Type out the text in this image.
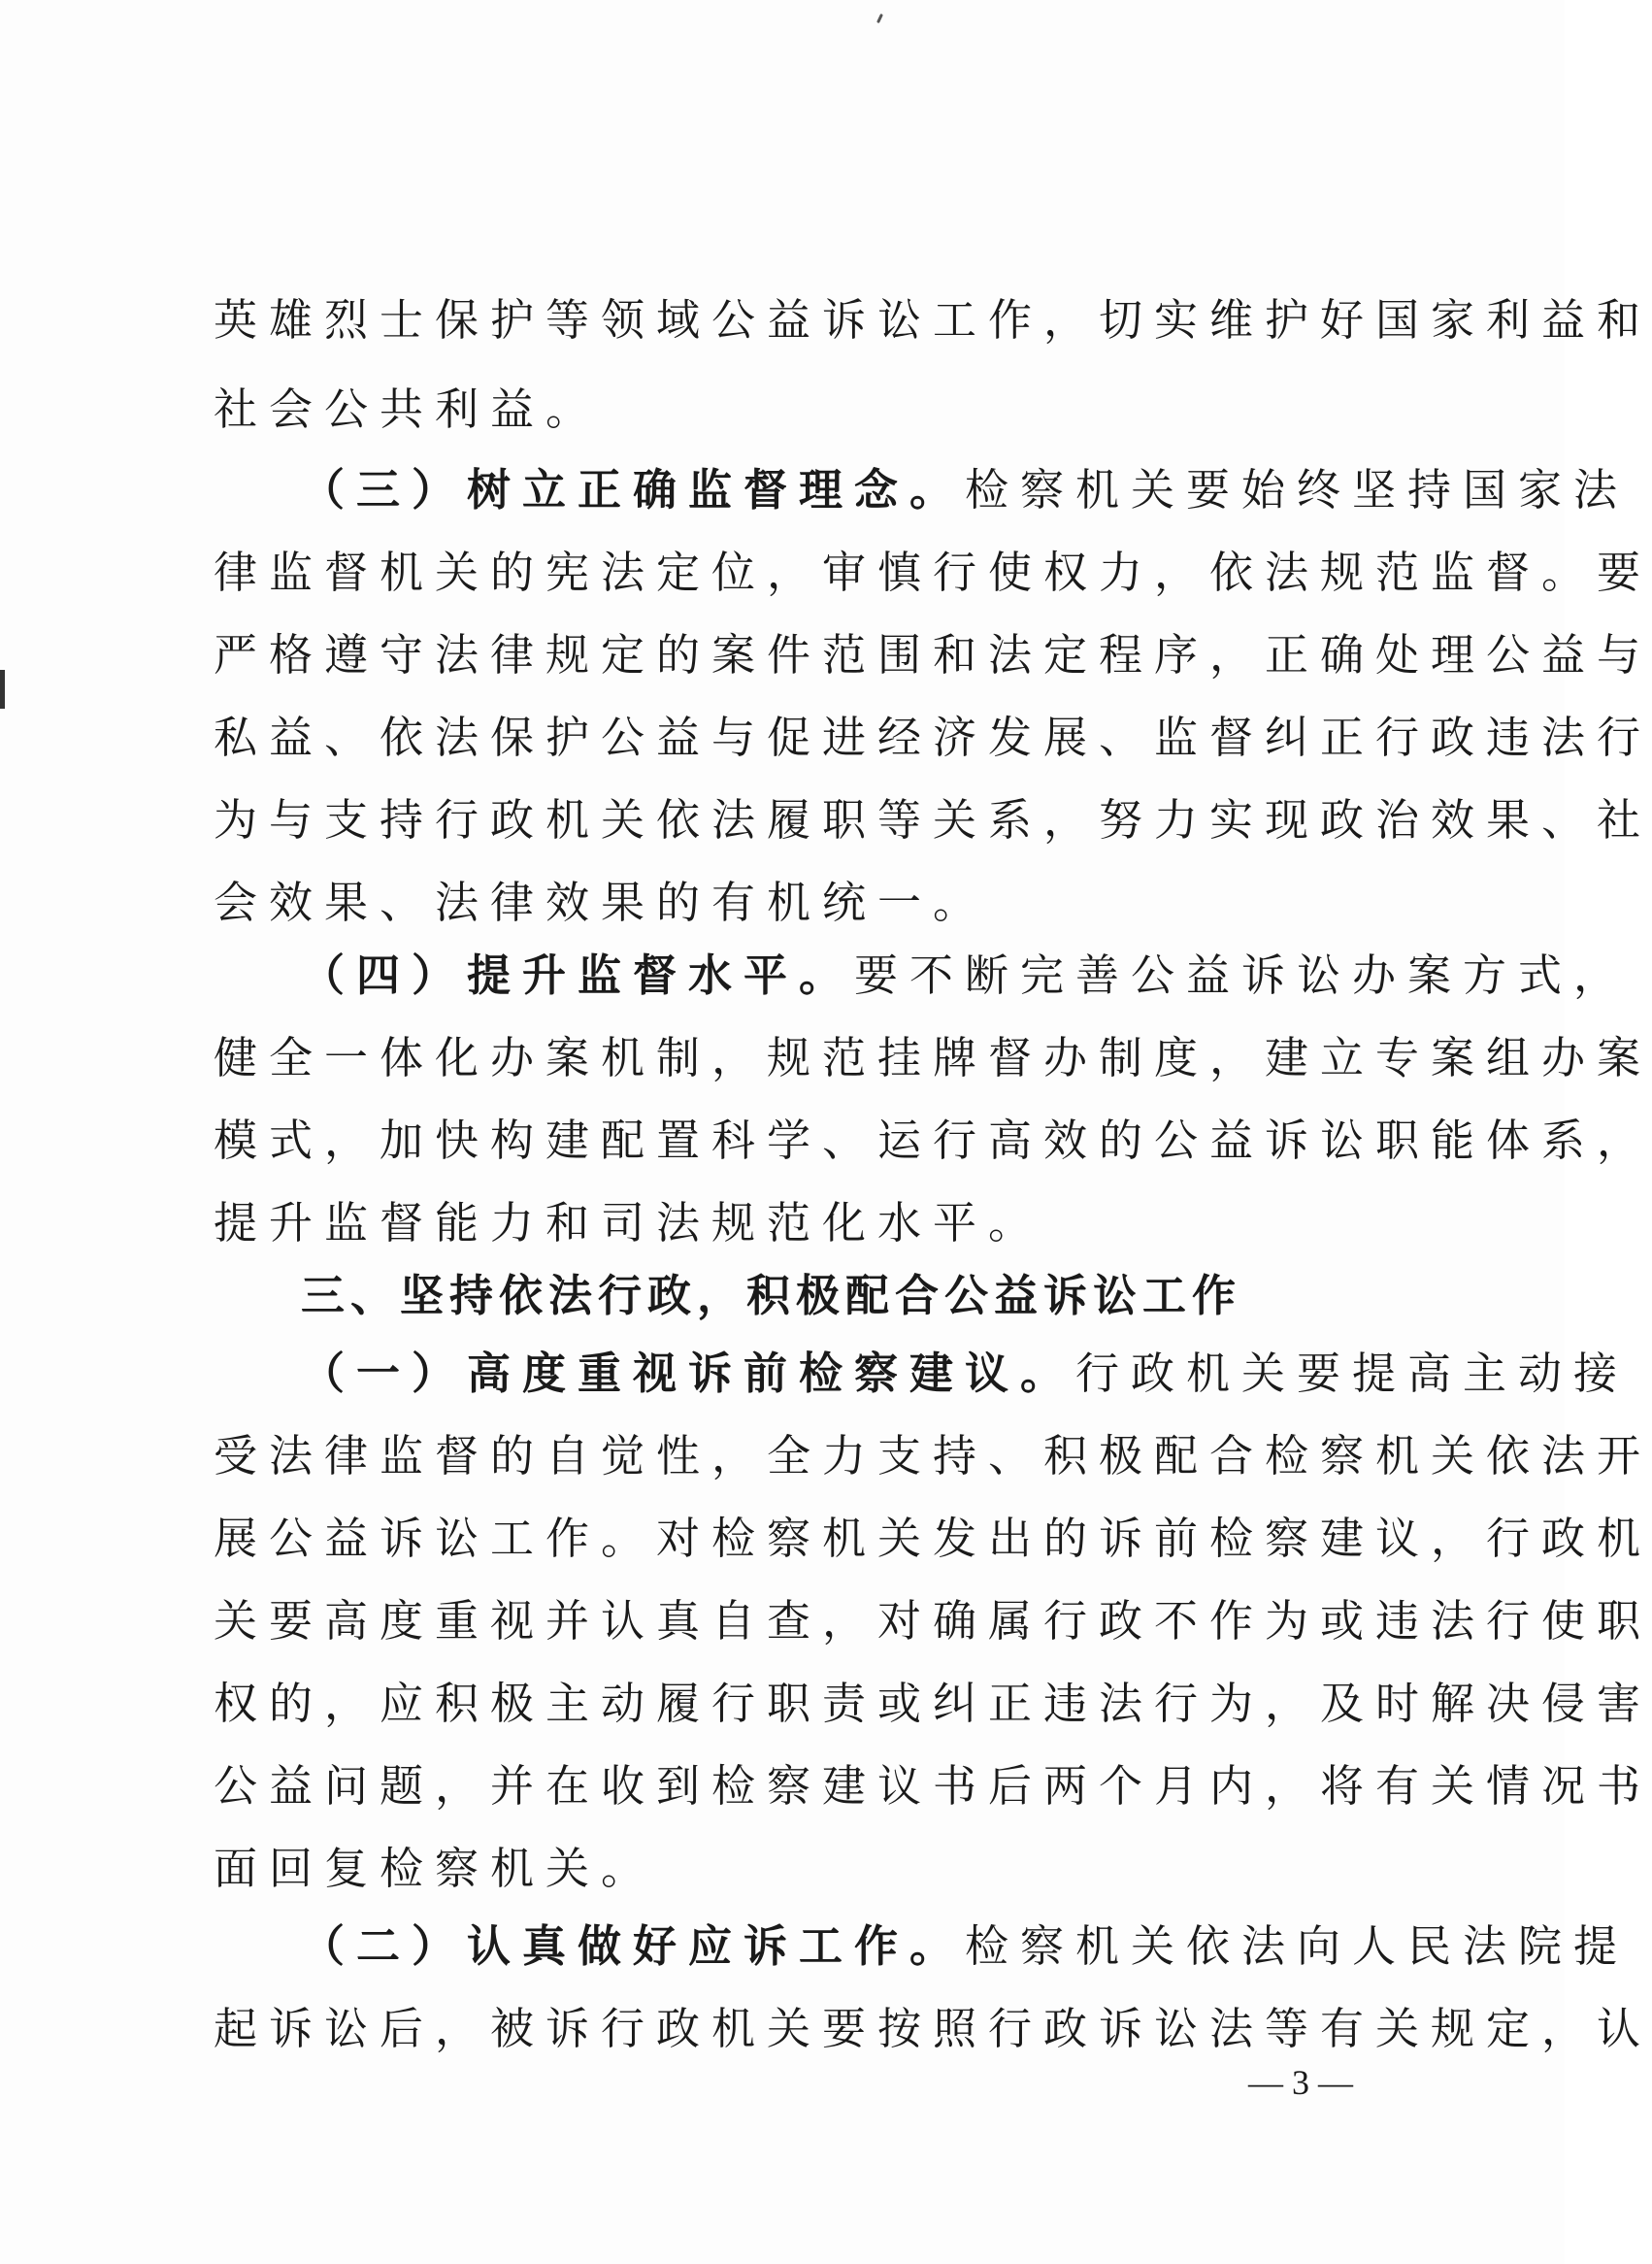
英雄烈士保护等领域公益诉讼工作，切实维护好国家利益和
社会公共利益。
（三）树立正确监督理念。检察机关要始终坚持国家法
律监督机关的宪法定位，审慎行使权力，依法规范监督。要
严格遵守法律规定的案件范围和法定程序，正确处理公益与
私益、依法保护公益与促进经济发展、监督纠正行政违法行
为与支持行政机关依法履职等关系，努力实现政治效果、社
会效果、法律效果的有机统一。
（四）提升监督水平。要不断完善公益诉讼办案方式，
健全一体化办案机制，规范挂牌督办制度，建立专案组办案
模式，加快构建配置科学、运行高效的公益诉讼职能体系，
提升监督能力和司法规范化水平。
三、坚持依法行政，积极配合公益诉讼工作
（一）高度重视诉前检察建议。行政机关要提高主动接
受法律监督的自觉性，全力支持、积极配合检察机关依法开
展公益诉讼工作。对检察机关发出的诉前检察建议，行政机
关要高度重视并认真自查，对确属行政不作为或违法行使职
权的，应积极主动履行职责或纠正违法行为，及时解决侵害
公益问题，并在收到检察建议书后两个月内，将有关情况书
面回复检察机关。
（二）认真做好应诉工作。检察机关依法向人民法院提
起诉讼后，被诉行政机关要按照行政诉讼法等有关规定，认
— 3 —
